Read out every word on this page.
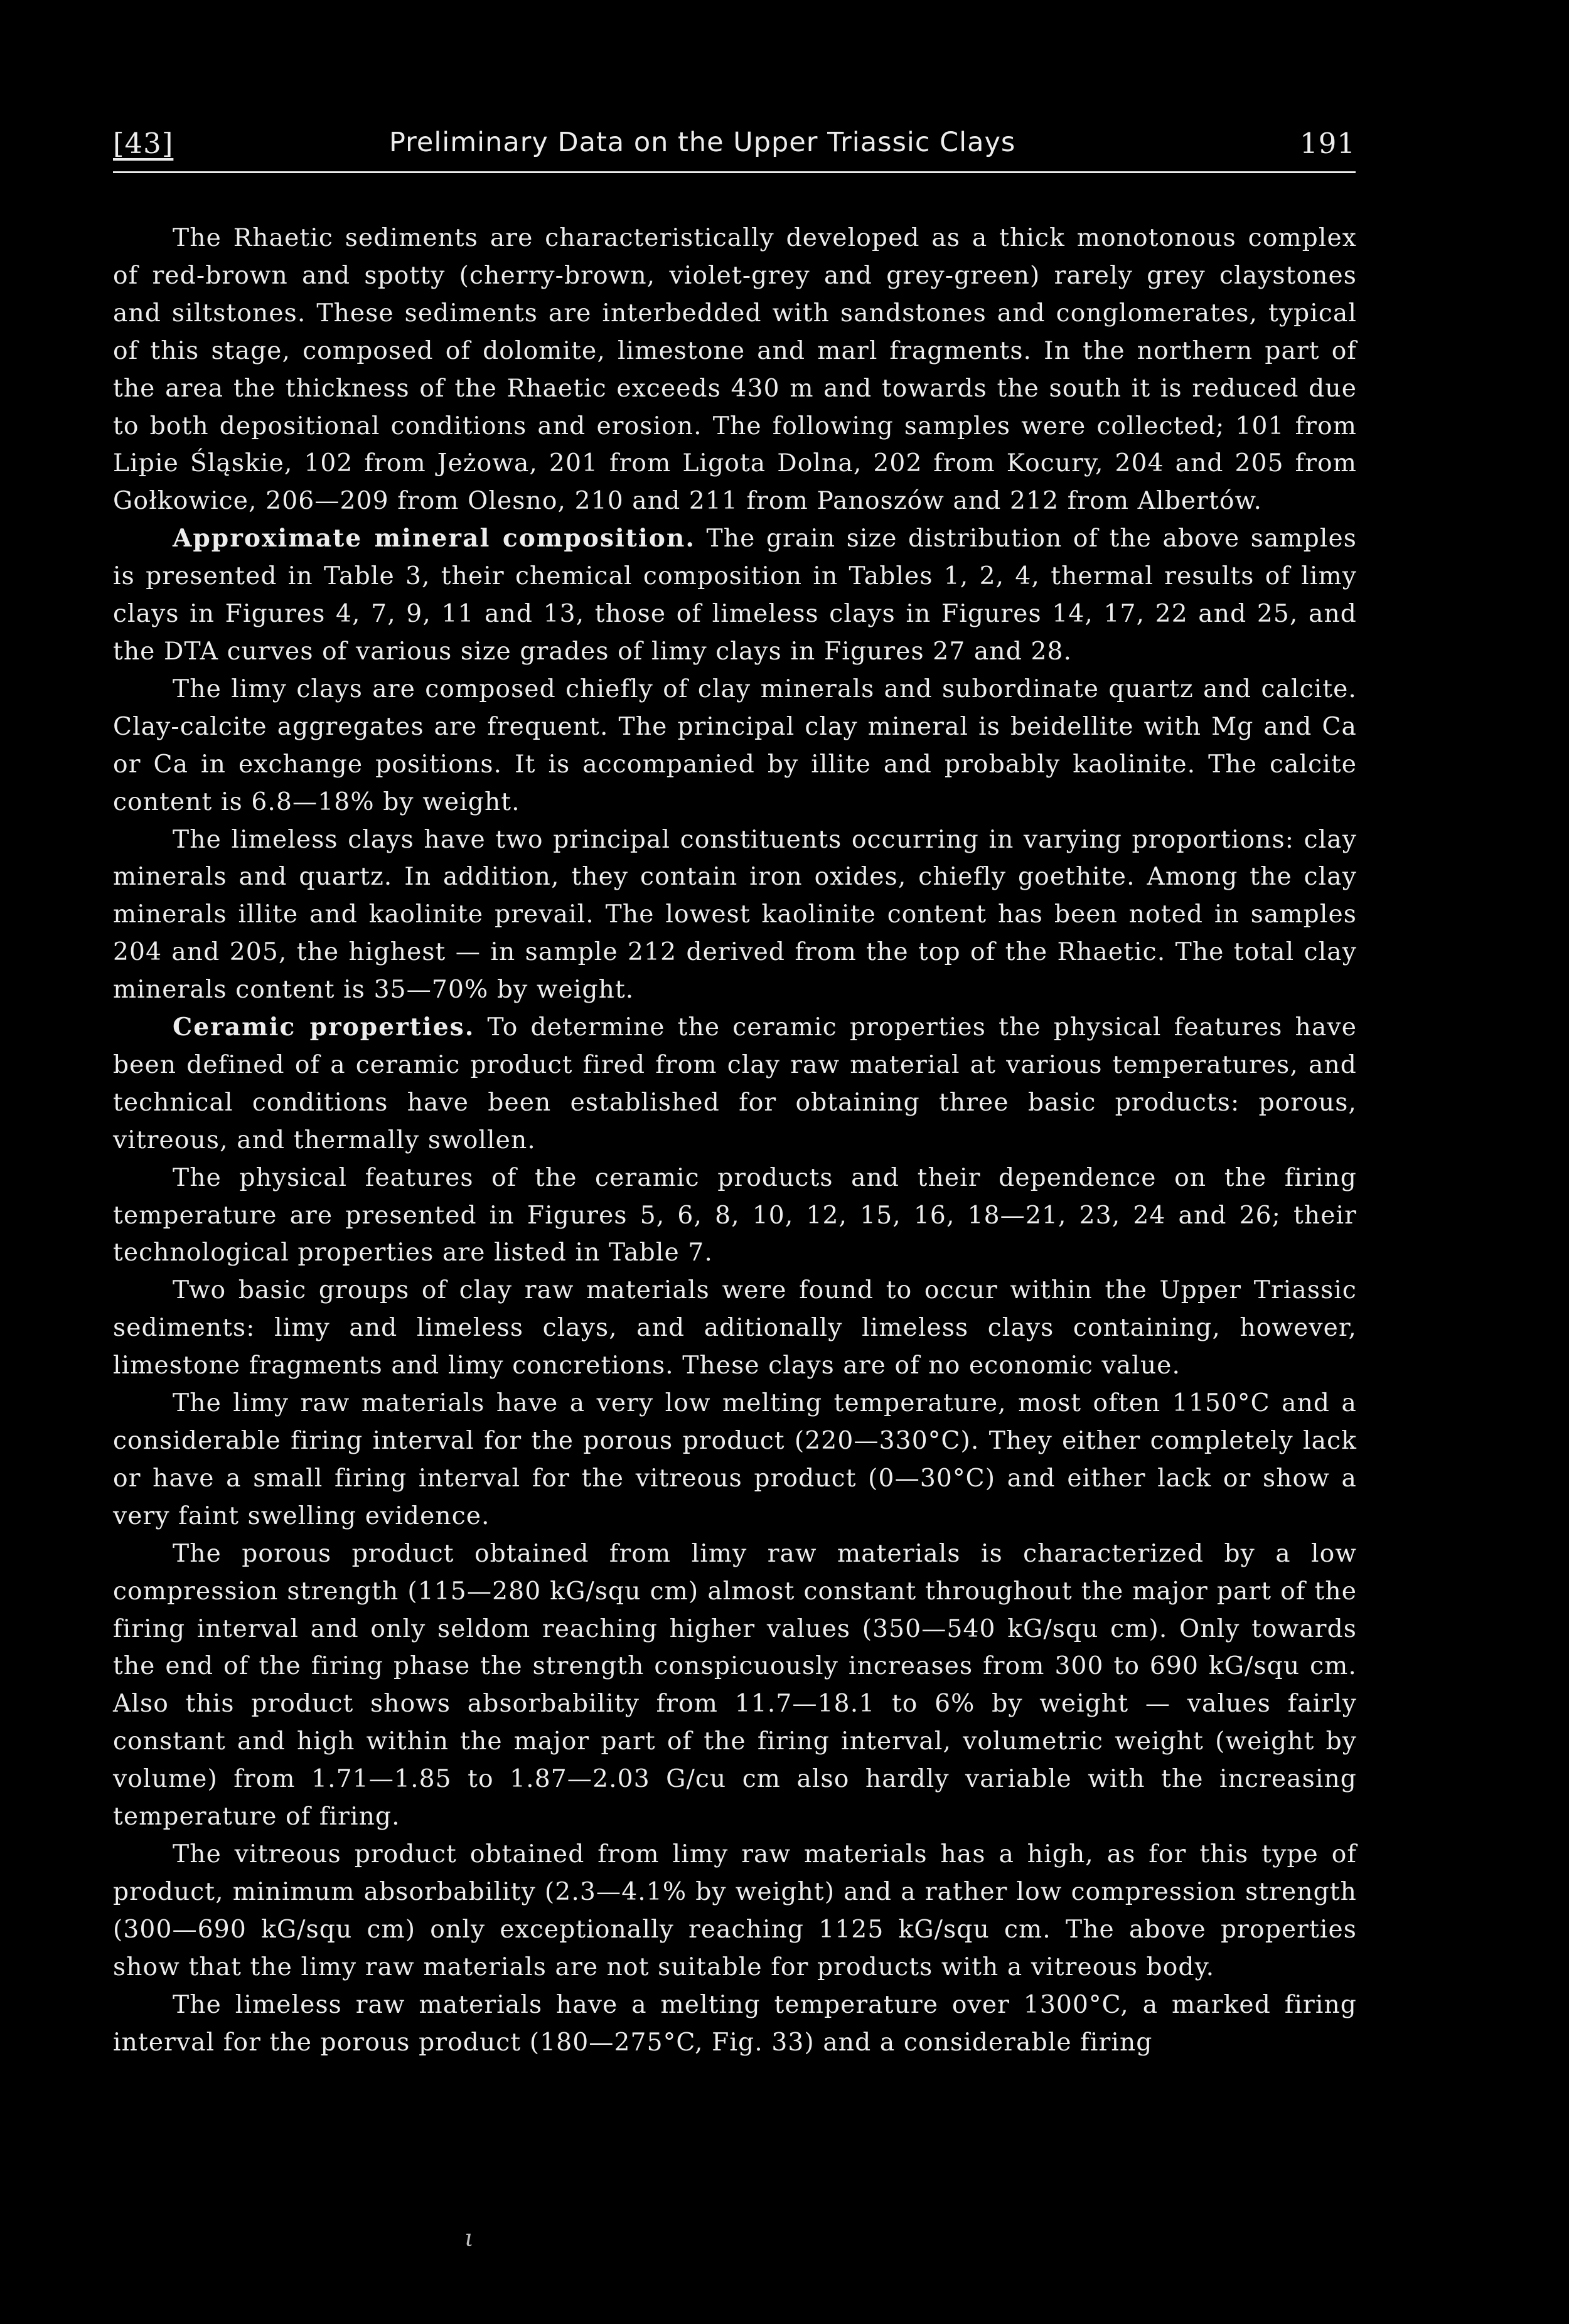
[43]	Preliminary Data on the Upper Triassic Clays	191

The Rhaetic sediments are characteristically developed as a thick monotonous complex of red-brown and spotty (cherry-brown, violet-grey and grey-green) rarely grey claystones and siltstones. These sediments are interbedded with sandstones and conglomerates, typical of this stage, composed of dolomite, limestone and marl fragments. In the northern part of the area the thickness of the Rhaetic exceeds 430 m and towards the south it is reduced due to both depositional conditions and erosion. The following samples were collected; 101 from Lipie Śląskie, 102 from Jeżowa, 201 from Ligota Dolna, 202 from Kocury, 204 and 205 from Gołkowice, 206—209 from Olesno, 210 and 211 from Panoszów and 212 from Albertów.

Approximate mineral composition. The grain size distribution of the above samples is presented in Table 3, their chemical composition in Tables 1, 2, 4, thermal results of limy clays in Figures 4, 7, 9, 11 and 13, those of limeless clays in Figures 14, 17, 22 and 25, and the DTA curves of various size grades of limy clays in Figures 27 and 28.

The limy clays are composed chiefly of clay minerals and subordinate quartz and calcite. Clay-calcite aggregates are frequent. The principal clay mineral is beidellite with Mg and Ca or Ca in exchange positions. It is accompanied by illite and probably kaolinite. The calcite content is 6.8—18% by weight.

The limeless clays have two principal constituents occurring in varying proportions: clay minerals and quartz. In addition, they contain iron oxides, chiefly goethite. Among the clay minerals illite and kaolinite prevail. The lowest kaolinite content has been noted in samples 204 and 205, the highest — in sample 212 derived from the top of the Rhaetic. The total clay minerals content is 35—70% by weight.

Ceramic properties. To determine the ceramic properties the physical features have been defined of a ceramic product fired from clay raw material at various temperatures, and technical conditions have been established for obtaining three basic products: porous, vitreous, and thermally swollen.

The physical features of the ceramic products and their dependence on the firing temperature are presented in Figures 5, 6, 8, 10, 12, 15, 16, 18—21, 23, 24 and 26; their technological properties are listed in Table 7.

Two basic groups of clay raw materials were found to occur within the Upper Triassic sediments: limy and limeless clays, and aditionally limeless clays containing, however, limestone fragments and limy concretions. These clays are of no economic value.

The limy raw materials have a very low melting temperature, most often 1150°C and a considerable firing interval for the porous product (220—330°C). They either completely lack or have a small firing interval for the vitreous product (0—30°C) and either lack or show a very faint swelling evidence.

The porous product obtained from limy raw materials is characterized by a low compression strength (115—280 kG/squ cm) almost constant throughout the major part of the firing interval and only seldom reaching higher values (350—540 kG/squ cm). Only towards the end of the firing phase the strength conspicuously increases from 300 to 690 kG/squ cm. Also this product shows absorbability from 11.7—18.1 to 6% by weight — values fairly constant and high within the major part of the firing interval, volumetric weight (weight by volume) from 1.71—1.85 to 1.87—2.03 G/cu cm also hardly variable with the increasing temperature of firing.

The vitreous product obtained from limy raw materials has a high, as for this type of product, minimum absorbability (2.3—4.1% by weight) and a rather low compression strength (300—690 kG/squ cm) only exceptionally reaching 1125 kG/squ cm. The above properties show that the limy raw materials are not suitable for products with a vitreous body.

The limeless raw materials have a melting temperature over 1300°C, a marked firing interval for the porous product (180—275°C, Fig. 33) and a considerable firing

ι
